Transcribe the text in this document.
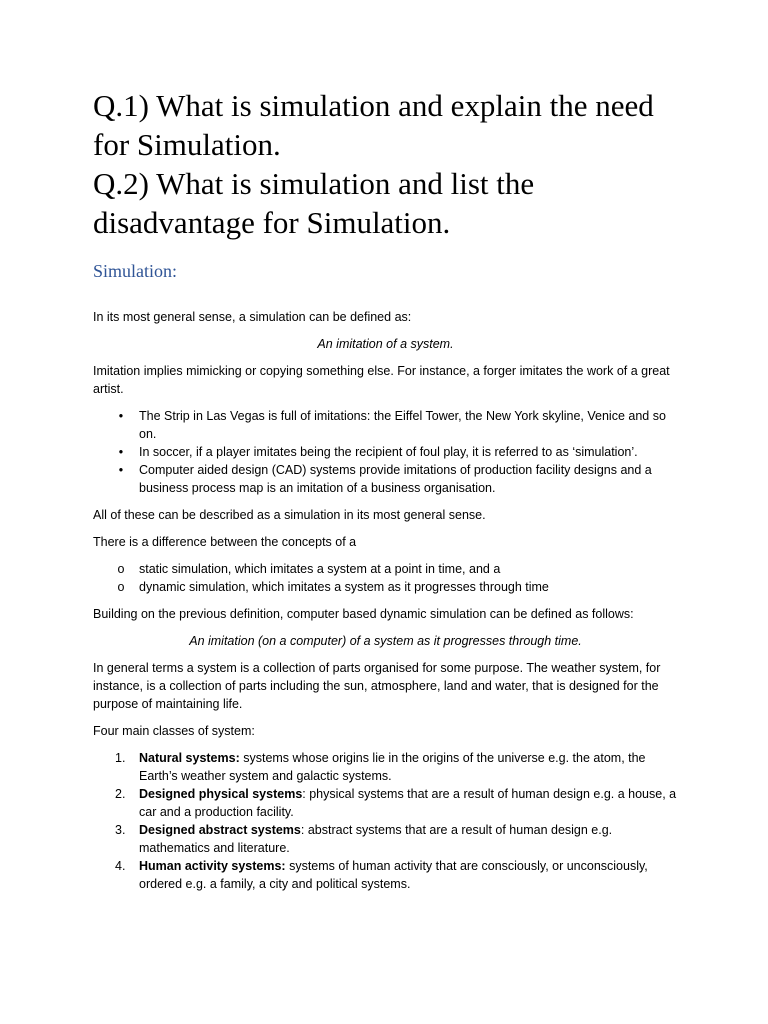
Q.1) What is simulation and explain the need for Simulation.
Q.2) What is simulation and list the disadvantage for Simulation.
Simulation:

In its most general sense, a simulation can be defined as:

An imitation of a system.

Imitation implies mimicking or copying something else. For instance, a forger imitates the work of a great artist.

•	The Strip in Las Vegas is full of imitations: the Eiffel Tower, the New York skyline, Venice and so on.
•	In soccer, if a player imitates being the recipient of foul play, it is referred to as ‘simulation’.
•	Computer aided design (CAD) systems provide imitations of production facility designs and a business process map is an imitation of a business organisation.

All of these can be described as a simulation in its most general sense.

There is a difference between the concepts of a

o static simulation, which imitates a system at a point in time, and a
o dynamic simulation, which imitates a system as it progresses through time

Building on the previous definition, computer based dynamic simulation can be defined as follows:

An imitation (on a computer) of a system as it progresses through time.

In general terms a system is a collection of parts organised for some purpose. The weather system, for instance, is a collection of parts including the sun, atmosphere, land and water, that is designed for the purpose of maintaining life.

Four main classes of system:

1. Natural systems: systems whose origins lie in the origins of the universe e.g. the atom, the Earth’s weather system and galactic systems.
2. Designed physical systems: physical systems that are a result of human design e.g. a house, a car and a production facility.
3. Designed abstract systems: abstract systems that are a result of human design e.g. mathematics and literature.
4. Human activity systems: systems of human activity that are consciously, or unconsciously, ordered e.g. a family, a city and political systems.
